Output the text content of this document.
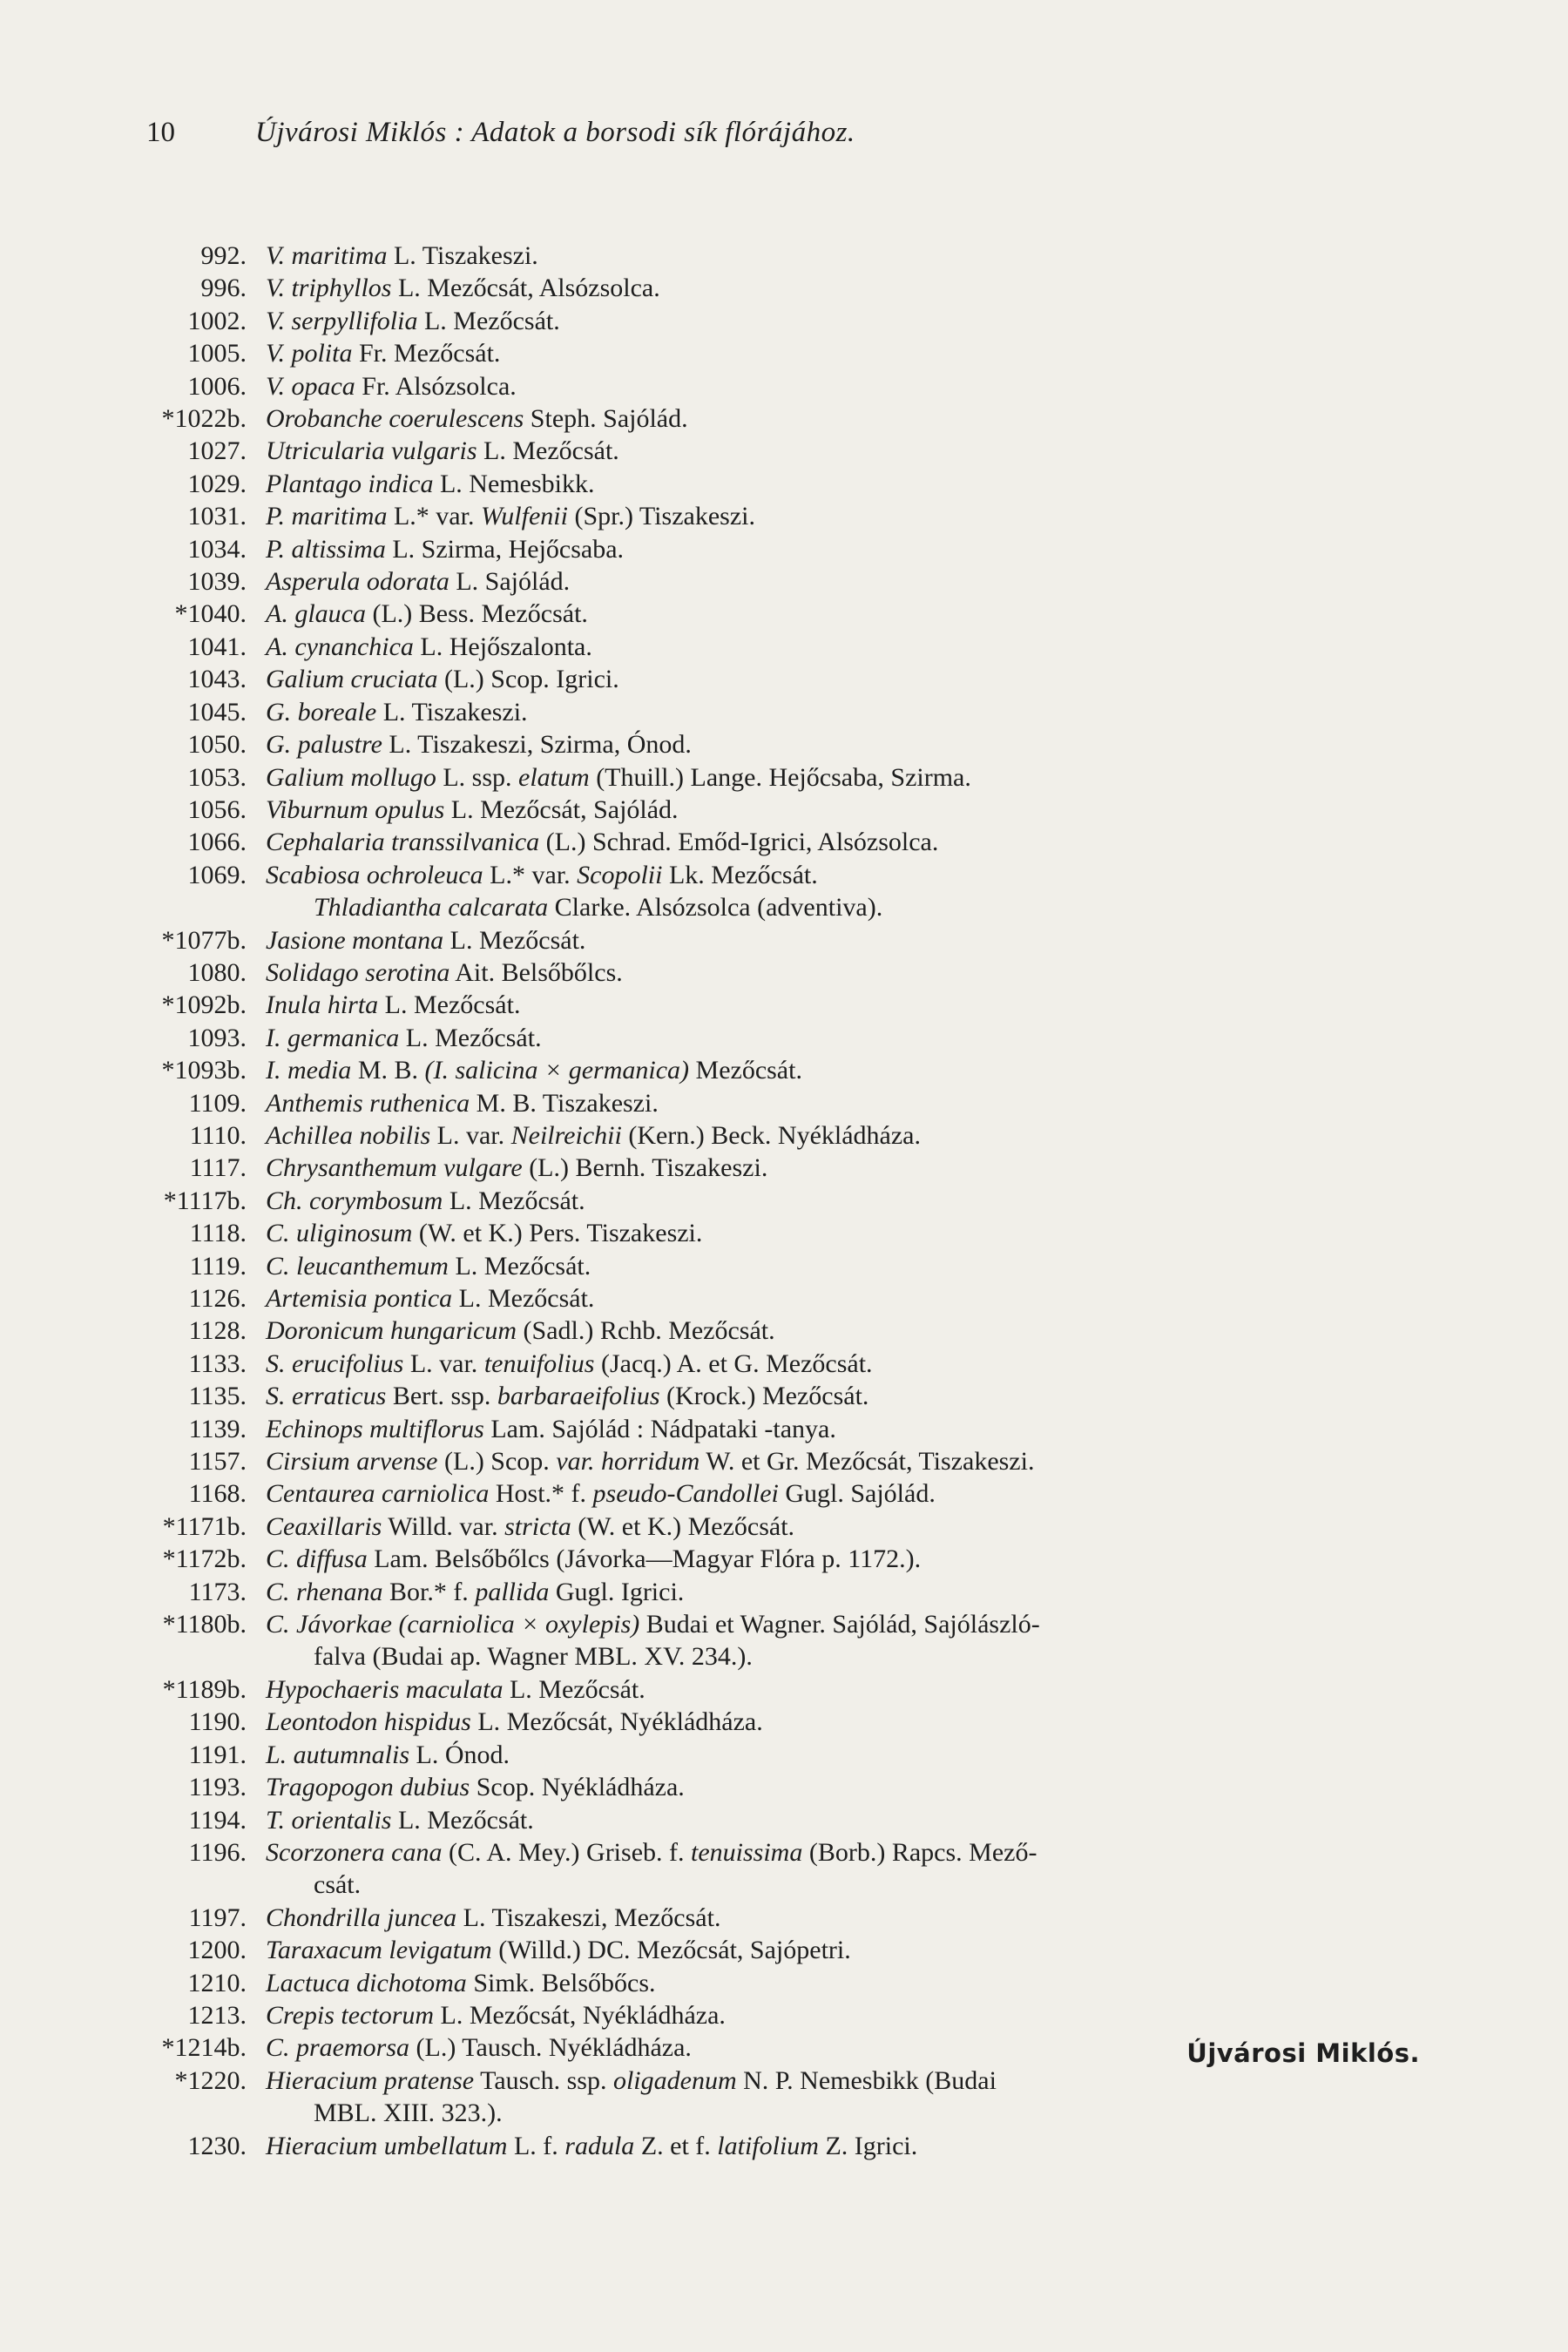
10	Újvárosi Miklós : Adatok a borsodi sík flórájához.
992. V. maritima L. Tiszakeszi.
996. V. triphyllos L. Mezőcsát, Alsózsolca.
1002. V. serpyllifolia L. Mezőcsát.
1005. V. polita Fr. Mezőcsát.
1006. V. opaca Fr. Alsózsolca.
*1022b. Orobanche coerulescens Steph. Sajólád.
1027. Utricularia vulgaris L. Mezőcsát.
1029. Plantago indica L. Nemesbikk.
1031. P. maritima L.* var. Wulfenii (Spr.) Tiszakeszi.
1034. P. altissima L. Szirma, Hejőcsaba.
1039. Asperula odorata L. Sajólád.
*1040. A. glauca (L.) Bess. Mezőcsát.
1041. A. cynanchica L. Hejőszalonta.
1043. Galium cruciata (L.) Scop. Igrici.
1045. G. boreale L. Tiszakeszi.
1050. G. palustre L. Tiszakeszi, Szirma, Ónod.
1053. Galium mollugo L. ssp. elatum (Thuill.) Lange. Hejőcsaba, Szirma.
1056. Viburnum opulus L. Mezőcsát, Sajólád.
1066. Cephalaria transsilvanica (L.) Schrad. Emőd-Igrici, Alsózsolca.
1069. Scabiosa ochroleuca L.* var. Scopolii Lk. Mezőcsát.
Thladiantha calcarata Clarke. Alsózsolca (adventiva).
*1077b. Jasione montana L. Mezőcsát.
1080. Solidago serotina Ait. Belsőbőlcs.
*1092b. Inula hirta L. Mezőcsát.
1093. I. germanica L. Mezőcsát.
*1093b. I. media M. B. (I. salicina × germanica) Mezőcsát.
1109. Anthemis ruthenica M. B. Tiszakeszi.
1110. Achillea nobilis L. var. Neilreichii (Kern.) Beck. Nyékládháza.
1117. Chrysanthemum vulgare (L.) Bernh. Tiszakeszi.
*1117b. Ch. corymbosum L. Mezőcsát.
1118. C. uliginosum (W. et K.) Pers. Tiszakeszi.
1119. C. leucanthemum L. Mezőcsát.
1126. Artemisia pontica L. Mezőcsát.
1128. Doronicum hungaricum (Sadl.) Rchb. Mezőcsát.
1133. S. erucifolius L. var. tenuifolius (Jacq.) A. et G. Mezőcsát.
1135. S. erraticus Bert. ssp. barbaraeifolius (Krock.) Mezőcsát.
1139. Echinops multiflorus Lam. Sajólád : Nádpataki -tanya.
1157. Cirsium arvense (L.) Scop. var. horridum W. et Gr. Mezőcsát, Tiszakeszi.
1168. Centaurea carniolica Host.* f. pseudo-Candollei Gugl. Sajólád.
*1171b. Ceaxillaris Willd. var. stricta (W. et K.) Mezőcsát.
*1172b. C. diffusa Lam. Belsőbőlcs (Jávorka—Magyar Flóra p. 1172.).
1173. C. rhenana Bor.* f. pallida Gugl. Igrici.
*1180b. C. Jávorkae (carniolica × oxylepis) Budai et Wagner. Sajólád, Sajólászló-
falva (Budai ap. Wagner MBL. XV. 234.).
*1189b. Hypochaeris maculata L. Mezőcsát.
1190. Leontodon hispidus L. Mezőcsát, Nyékládháza.
1191. L. autumnalis L. Ónod.
1193. Tragopogon dubius Scop. Nyékládháza.
1194. T. orientalis L. Mezőcsát.
1196. Scorzonera cana (C. A. Mey.) Griseb. f. tenuissima (Borb.) Rapcs. Mező-
csát.
1197. Chondrilla juncea L. Tiszakeszi, Mezőcsát.
1200. Taraxacum levigatum (Willd.) DC. Mezőcsát, Sajópetri.
1210. Lactuca dichotoma Simk. Belsőbőcs.
1213. Crepis tectorum L. Mezőcsát, Nyékládháza.
*1214b. C. praemorsa (L.) Tausch. Nyékládháza.
*1220. Hieracium pratense Tausch. ssp. oligadenum N. P. Nemesbikk (Budai
MBL. XIII. 323.).
1230. Hieracium umbellatum L. f. radula Z. et f. latifolium Z. Igrici.
Újvárosi Miklós.
